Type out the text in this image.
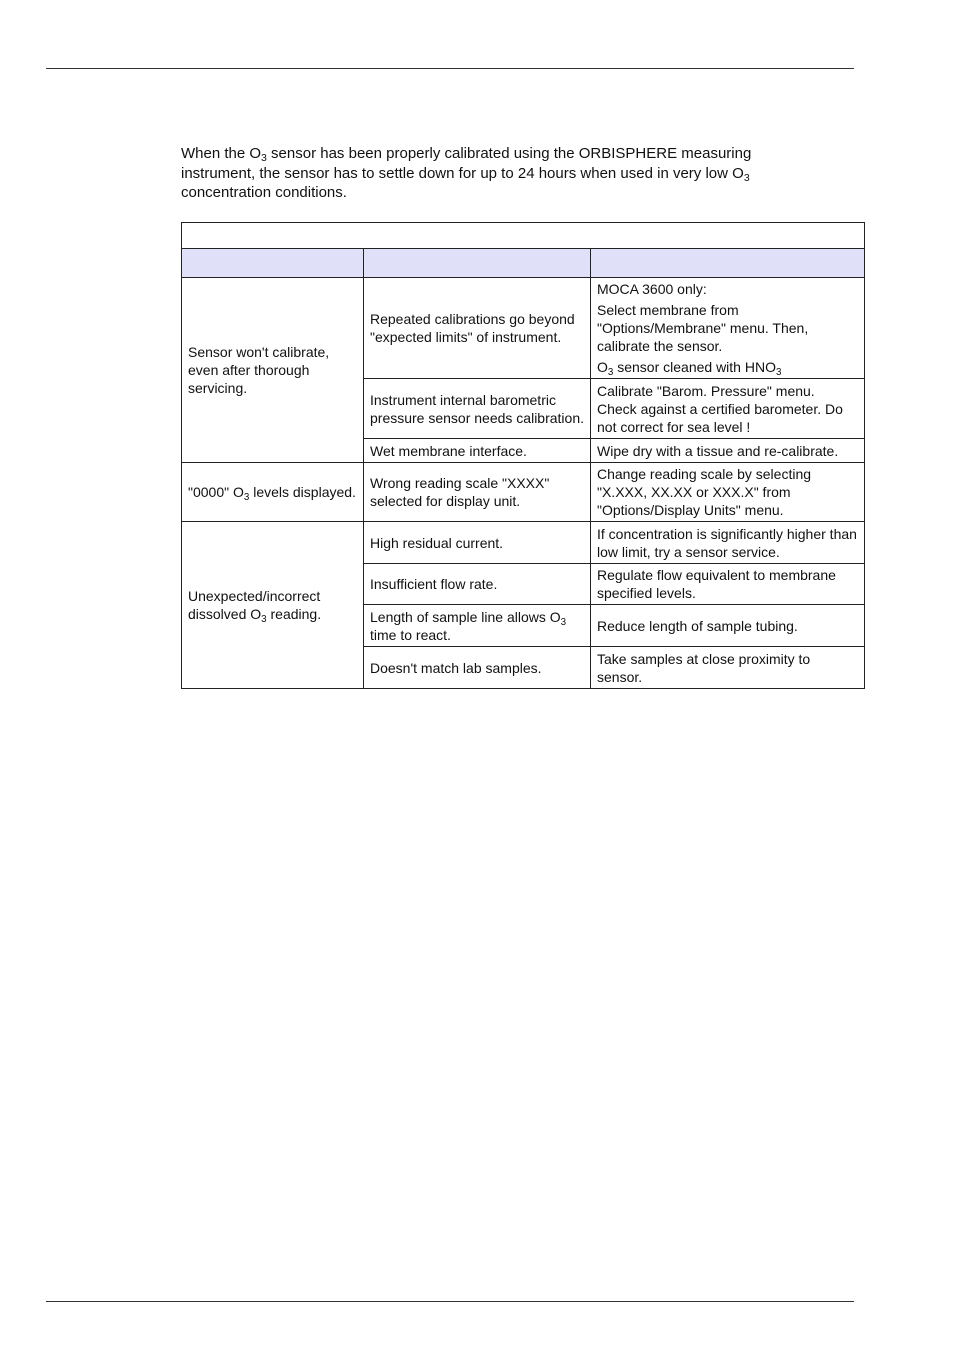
When the $O_3$ sensor has been properly calibrated using the ORBISPHERE measuring instrument, the sensor has to settle down for up to 24 hours when used in very low $O_3$ concentration conditions.

Sensor won't calibrate, even after thorough servicing.	Repeated calibrations go beyond "expected limits" of instrument.	MOCA 3600 only:
Select membrane from "Options/Membrane" menu. Then, calibrate the sensor.
$O_3$ sensor cleaned with $HNO_3$

	Instrument internal barometric pressure sensor needs calibration.	Calibrate "Barom. Pressure" menu. Check against a certified barometer. Do not correct for sea level !
	Wet membrane interface.	Wipe dry with a tissue and re-calibrate.
"0000" $O_3$ levels displayed.	Wrong reading scale "XXXX" selected for display unit.	Change reading scale by selecting "X.XXX, XX.XX or XXX.X" from "Options/Display Units" menu.
Unexpected/incorrect dissolved $O_3$ reading.	High residual current.	If concentration is significantly higher than low limit, try a sensor service.
	Insufficient flow rate.	Regulate flow equivalent to membrane specified levels.
	Length of sample line allows $O_3$ time to react.	Reduce length of sample tubing.
	Doesn't match lab samples.	Take samples at close proximity to sensor.
